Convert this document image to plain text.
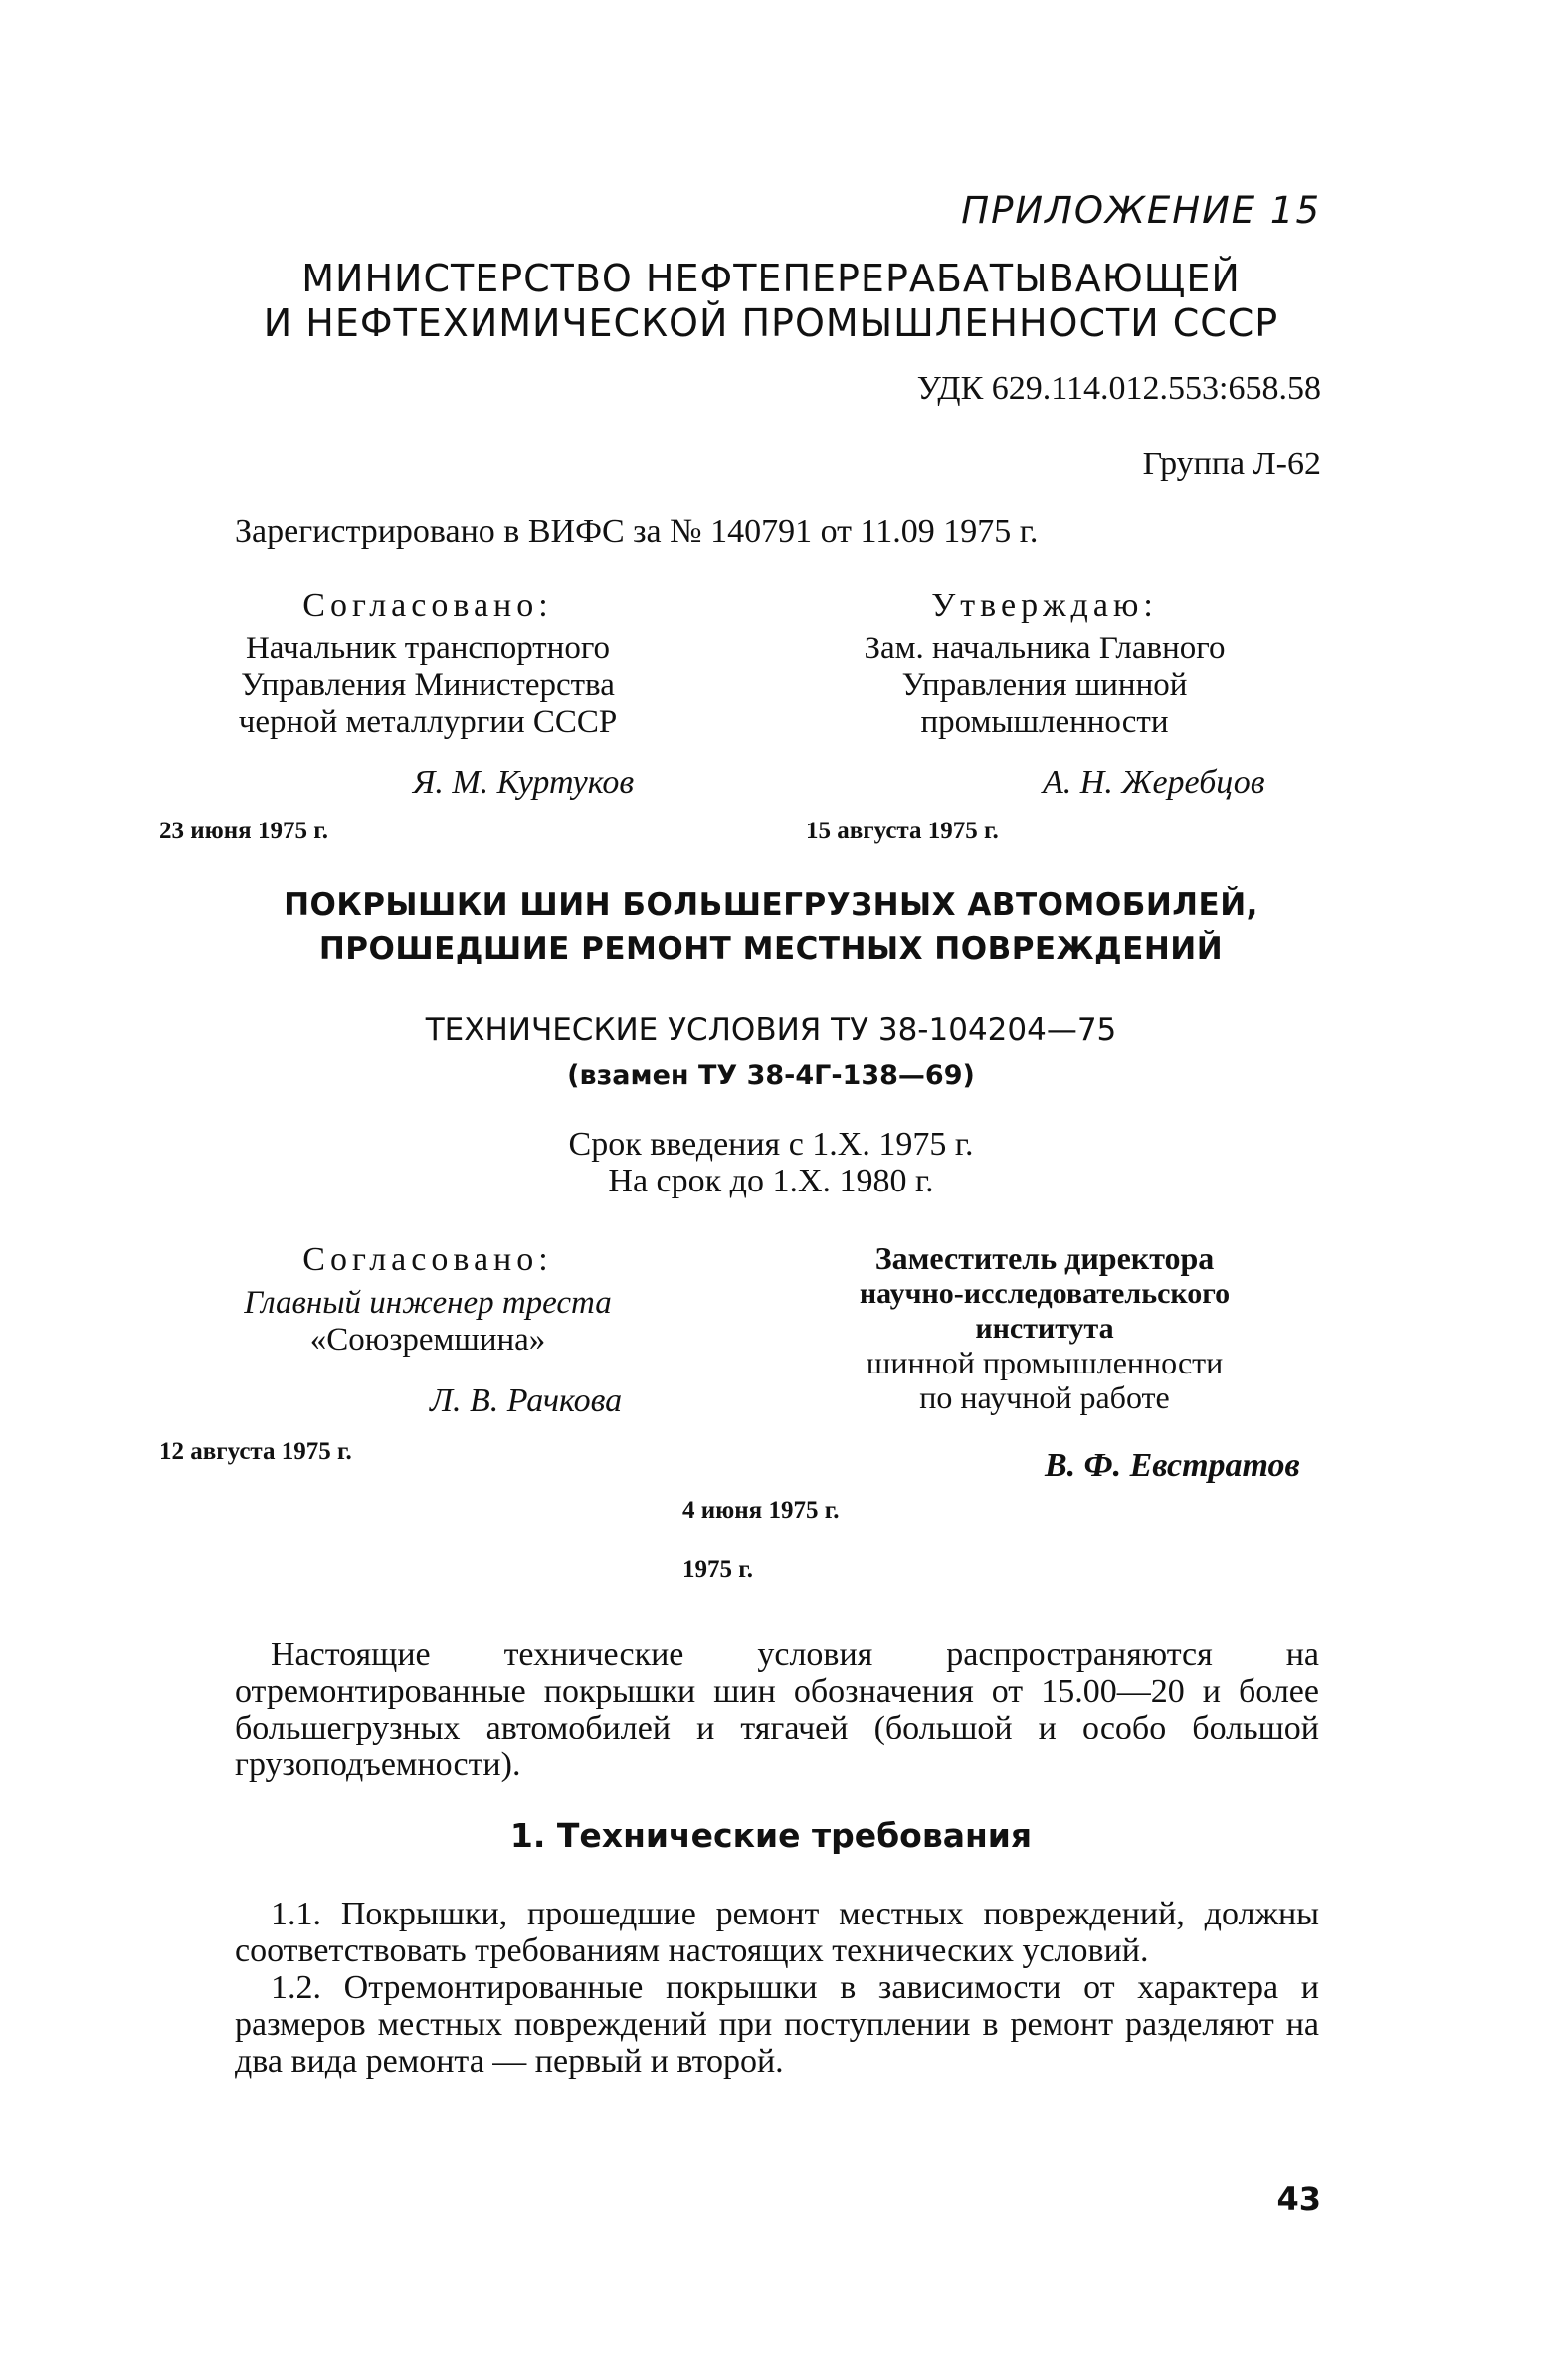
ПРИЛОЖЕНИЕ 15
МИНИСТЕРСТВО НЕФТЕПЕРЕРАБАТЫВАЮЩЕЙ
И НЕФТЕХИМИЧЕСКОЙ ПРОМЫШЛЕННОСТИ СССР
УДК 629.114.012.553:658.58
Группа Л-62
Зарегистрировано в ВИФС за № 140791 от 11.09 1975 г.
Согласовано:
Начальник транспортного
Управления Министерства
черной металлургии СССР
Я. М. Куртуков
23 июня 1975 г.
Утверждаю:
Зам. начальника Главного
Управления шинной
промышленности
А. Н. Жеребцов
15 августа 1975 г.
ПОКРЫШКИ ШИН БОЛЬШЕГРУЗНЫХ АВТОМОБИЛЕЙ,
ПРОШЕДШИЕ РЕМОНТ МЕСТНЫХ ПОВРЕЖДЕНИЙ
ТЕХНИЧЕСКИЕ УСЛОВИЯ ТУ 38-104204—75
(взамен ТУ 38-4Г-138—69)
Срок введения с 1.Х. 1975 г.
На срок до 1.Х. 1980 г.
Согласовано:
Главный инженер треста
«Союзремшина»
Л. В. Рачкова
12 августа 1975 г.
Заместитель директора
научно-исследовательского
института
шинной промышленности
по научной работе
В. Ф. Евстратов
4 июня 1975 г.
1975 г.

Настоящие технические условия распространяются на отремонтированные покрышки шин обозначения от 15.00—20 и более большегрузных автомобилей и тягачей (большой и особо большой грузоподъемности).

1. Технические требования

1.1. Покрышки, прошедшие ремонт местных повреждений, должны соответствовать требованиям настоящих технических условий.

1.2. Отремонтированные покрышки в зависимости от характера и размеров местных повреждений при поступлении в ремонт разделяют на два вида ремонта — первый и второй.

43
